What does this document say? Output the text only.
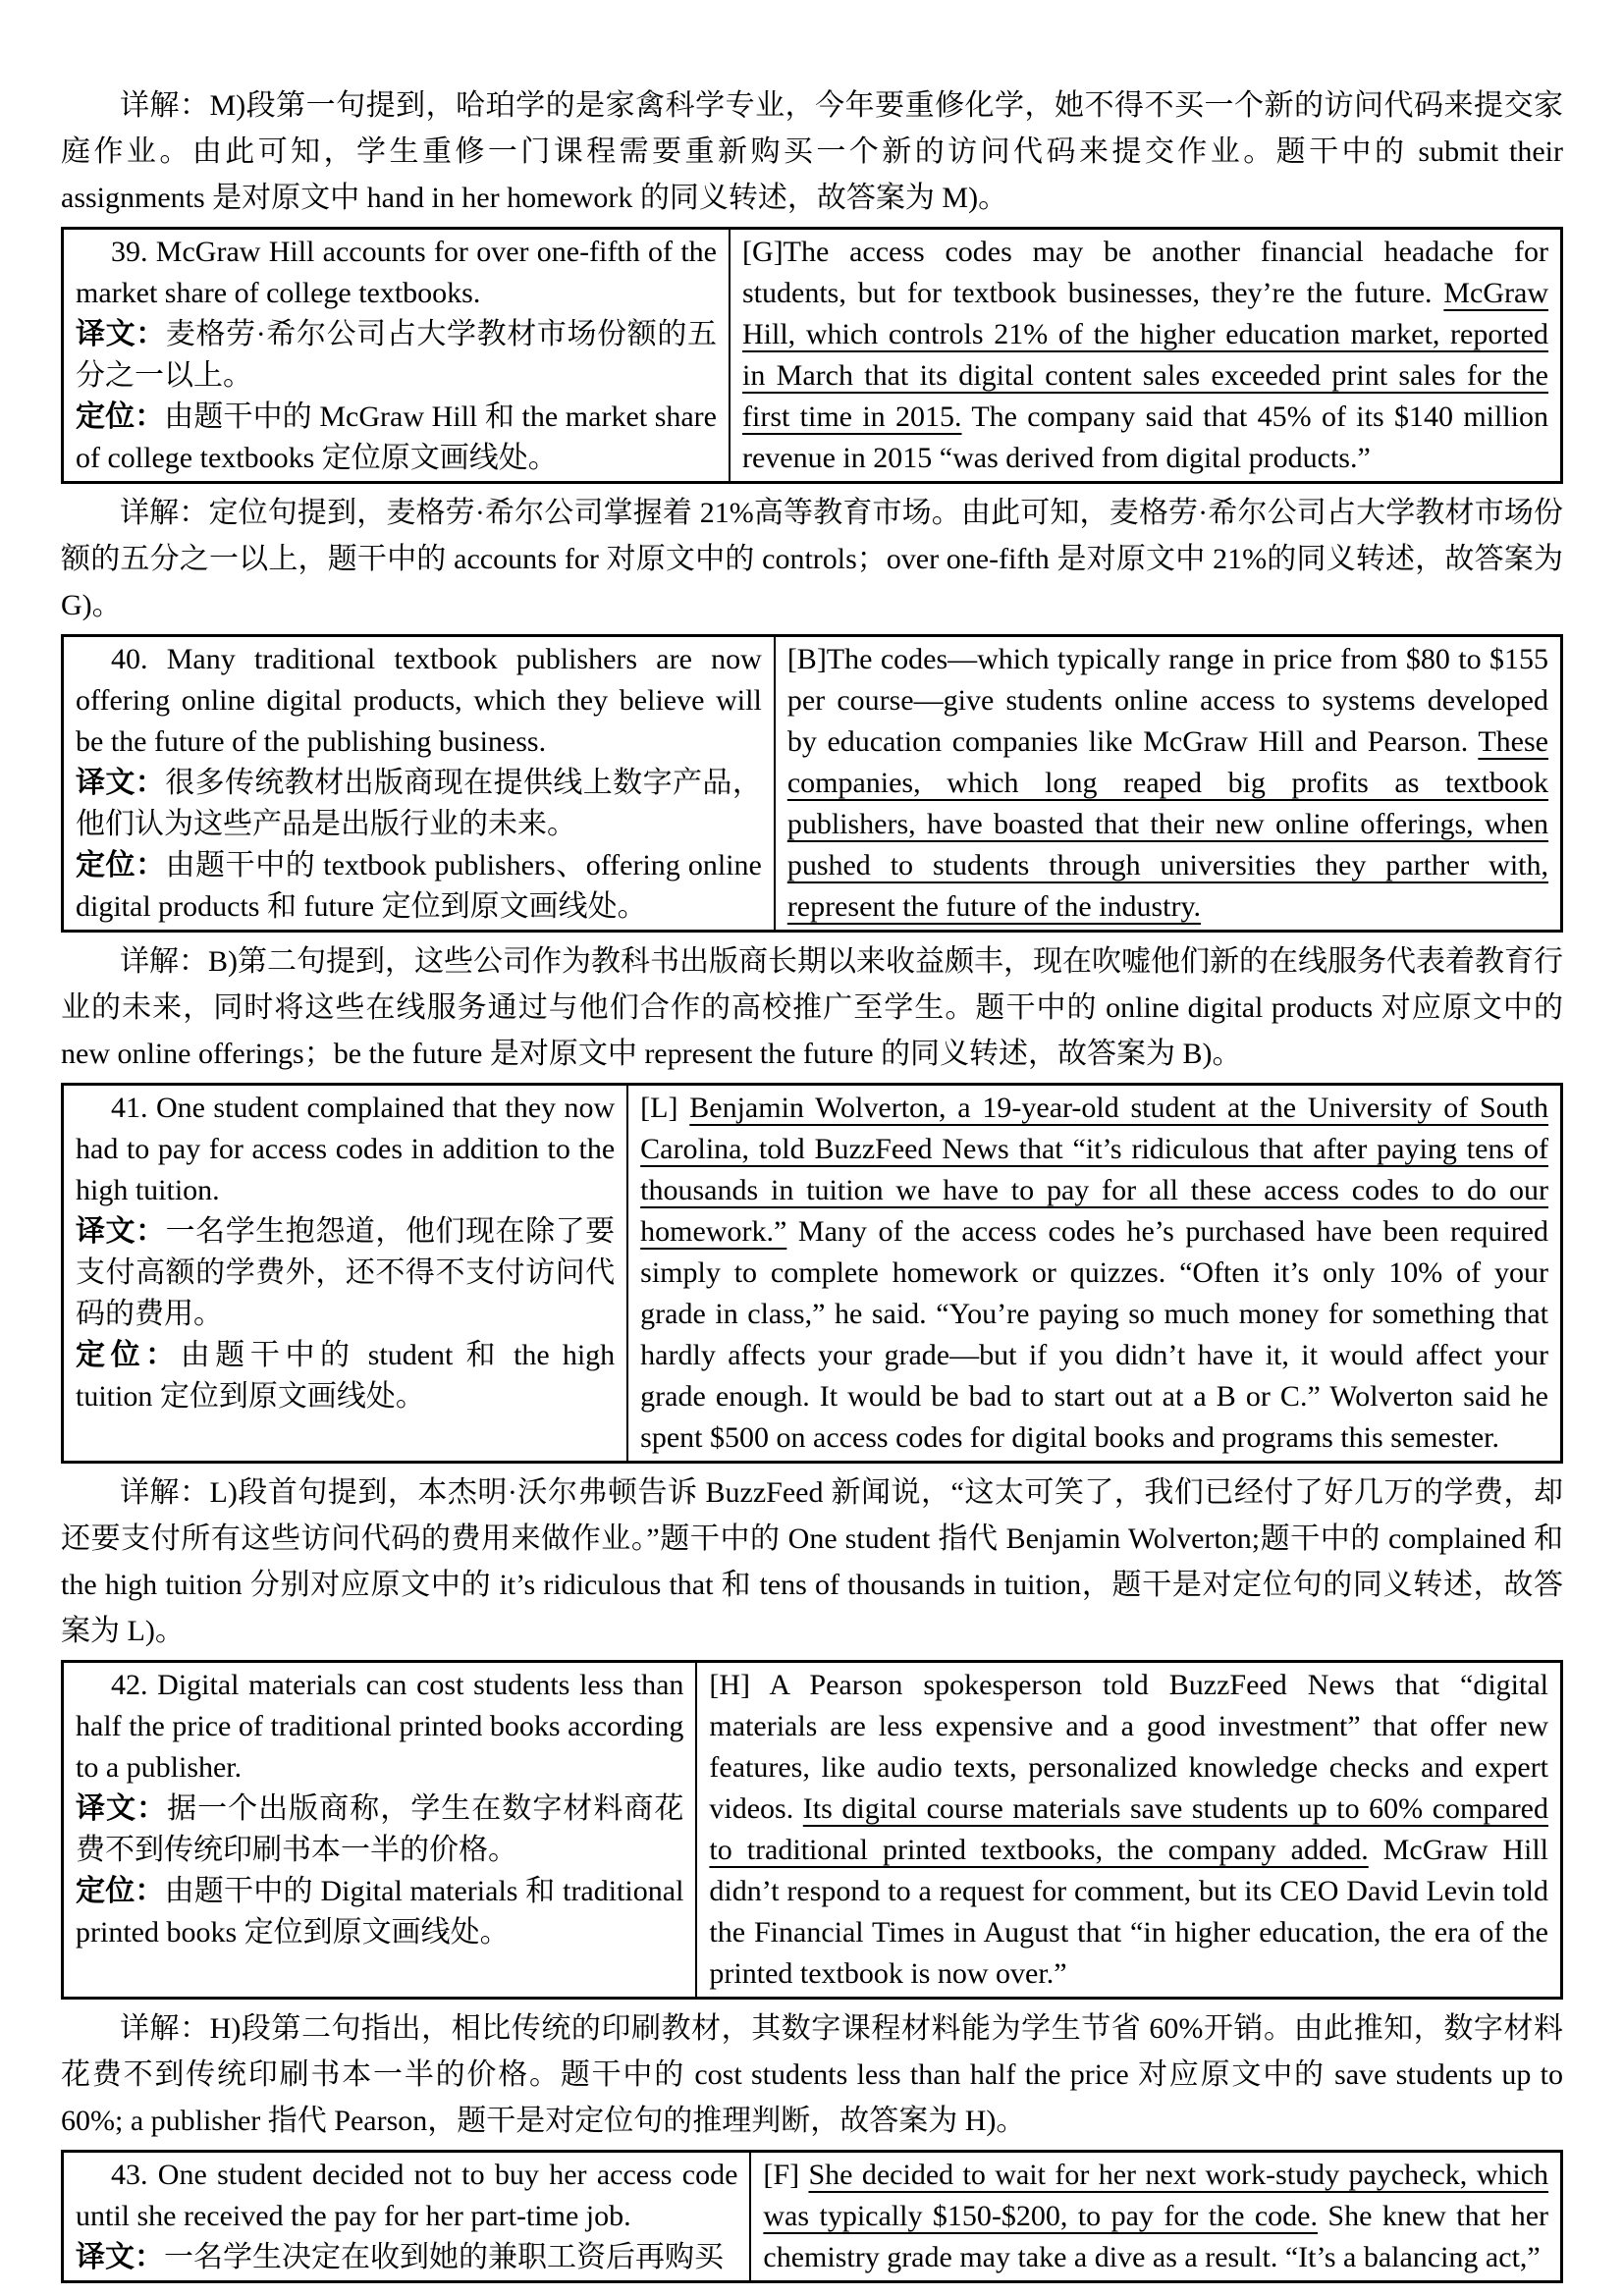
详解：M)段第一句提到，哈珀学的是家禽科学专业，今年要重修化学，她不得不买一个新的访问代码来提交家庭作业。由此可知，学生重修一门课程需要重新购买一个新的访问代码来提交作业。题干中的 submit their assignments 是对原文中 hand in her homework 的同义转述，故答案为 M)。

39. McGraw Hill accounts for over one-fifth of the market share of college textbooks.

译文：麦格劳·希尔公司占大学教材市场份额的五分之一以上。

定位：由题干中的 McGraw Hill 和 the market share of college textbooks 定位原文画线处。

[G]The access codes may be another financial headache for students, but for textbook businesses, they’re the future. McGraw Hill, which controls 21% of the higher education market, reported in March that its digital content sales exceeded print sales for the first time in 2015. The company said that 45% of its $140 million revenue in 2015 “was derived from digital products.”

详解：定位句提到，麦格劳·希尔公司掌握着 21%高等教育市场。由此可知，麦格劳·希尔公司占大学教材市场份额的五分之一以上，题干中的 accounts for 对原文中的 controls；over one-fifth 是对原文中 21%的同义转述，故答案为 G)。

40. Many traditional textbook publishers are now offering online digital products, which they believe will be the future of the publishing business.

译文：很多传统教材出版商现在提供线上数字产品，他们认为这些产品是出版行业的未来。

定位：由题干中的 textbook publishers、offering online digital products 和 future 定位到原文画线处。

[B]The codes—which typically range in price from $80 to $155 per course—give students online access to systems developed by education companies like McGraw Hill and Pearson. These companies, which long reaped big profits as textbook publishers, have boasted that their new online offerings, when pushed to students through universities they parther with, represent the future of the industry.

详解：B)第二句提到，这些公司作为教科书出版商长期以来收益颇丰，现在吹嘘他们新的在线服务代表着教育行业的未来，同时将这些在线服务通过与他们合作的高校推广至学生。题干中的 online digital products 对应原文中的 new online offerings；be the future 是对原文中 represent the future 的同义转述，故答案为 B)。

41. One student complained that they now had to pay for access codes in addition to the high tuition.

译文：一名学生抱怨道，他们现在除了要支付高额的学费外，还不得不支付访问代码的费用。

定位：由题干中的 student 和 the high tuition 定位到原文画线处。

[L] Benjamin Wolverton, a 19-year-old student at the University of South Carolina, told BuzzFeed News that “it’s ridiculous that after paying tens of thousands in tuition we have to pay for all these access codes to do our homework.” Many of the access codes he’s purchased have been required simply to complete homework or quizzes. “Often it’s only 10% of your grade in class,” he said. “You’re paying so much money for something that hardly affects your grade—but if you didn’t have it, it would affect your grade enough. It would be bad to start out at a B or C.” Wolverton said he spent $500 on access codes for digital books and programs this semester.

详解：L)段首句提到，本杰明·沃尔弗顿告诉 BuzzFeed 新闻说，“这太可笑了，我们已经付了好几万的学费，却还要支付所有这些访问代码的费用来做作业。”题干中的 One student 指代 Benjamin Wolverton;题干中的 complained 和 the high tuition 分别对应原文中的 it’s ridiculous that 和 tens of thousands in tuition，题干是对定位句的同义转述，故答案为 L)。

42. Digital materials can cost students less than half the price of traditional printed books according to a publisher.

译文：据一个出版商称，学生在数字材料商花费不到传统印刷书本一半的价格。

定位：由题干中的 Digital materials 和 traditional printed books 定位到原文画线处。

[H] A Pearson spokesperson told BuzzFeed News that “digital materials are less expensive and a good investment” that offer new features, like audio texts, personalized knowledge checks and expert videos. Its digital course materials save students up to 60% compared to traditional printed textbooks, the company added. McGraw Hill didn’t respond to a request for comment, but its CEO David Levin told the Financial Times in August that “in higher education, the era of the printed textbook is now over.”

详解：H)段第二句指出，相比传统的印刷教材，其数字课程材料能为学生节省 60%开销。由此推知，数字材料花费不到传统印刷书本一半的价格。题干中的 cost students less than half the price 对应原文中的 save students up to 60%; a publisher 指代 Pearson，题干是对定位句的推理判断，故答案为 H)。

43. One student decided not to buy her access code until she received the pay for her part-time job.

译文：一名学生决定在收到她的兼职工资后再购买

[F] She decided to wait for her next work-study paycheck, which was typically $150-$200, to pay for the code. She knew that her chemistry grade may take a dive as a result. “It’s a balancing act,”
